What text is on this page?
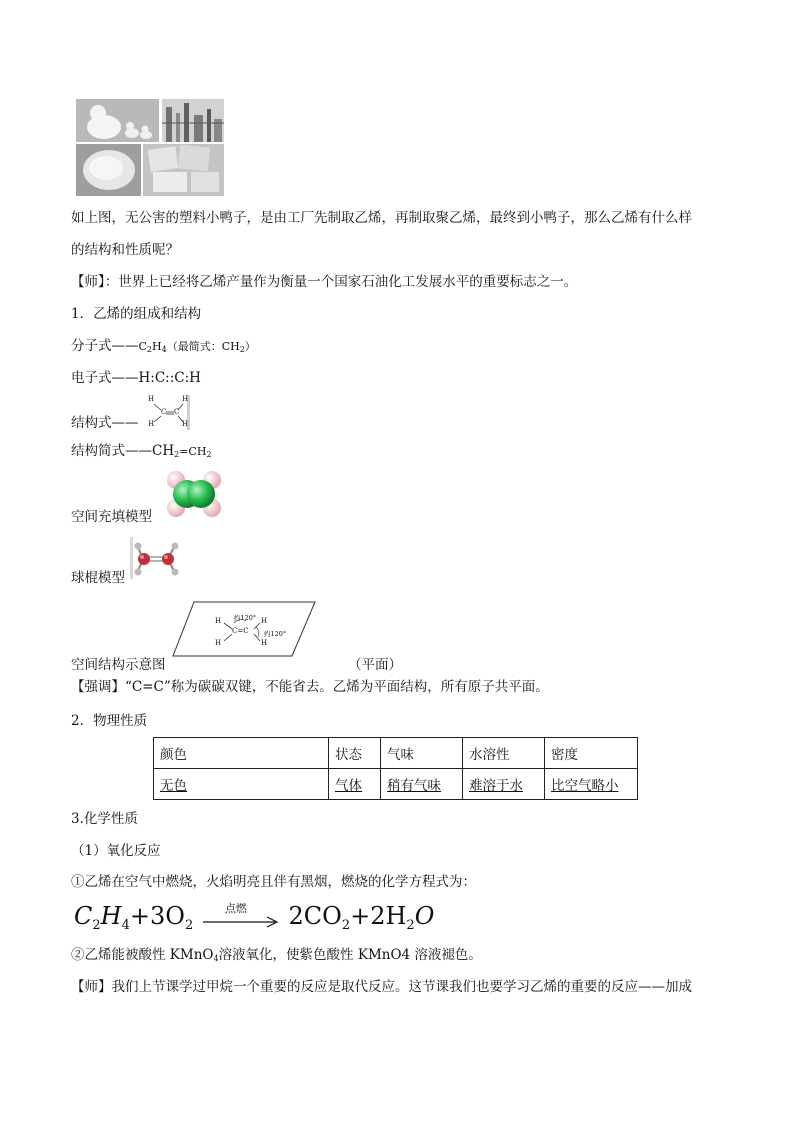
如上图，无公害的塑料小鸭子，是由工厂先制取乙烯，再制取聚乙烯，最终到小鸭子，那么乙烯有什么样
的结构和性质呢？
【师】：世界上已经将乙烯产量作为衡量一个国家石油化工发展水平的重要标志之一。
1．乙烯的组成和结构
分子式$——C_2H_4$（最简式：$CH_2$）
电子式——H:C::C:H
结构式——
H
H
C C
H
H
结构简式$——CH_2=CH_2$
空间充填模型
球棍模型
H
H
H
H
C=C
约120°
约120°
空间结构示意图	（平面）
【强调】“C=C”称为碳碳双键，不能省去。乙烯为平面结构，所有原子共平面。
2．物理性质
颜色	状态	气味	水溶性	密度
无色	气体	稍有气味	难溶于水	比空气略小
3.化学性质
（1）氧化反应
①乙烯在空气中燃烧，火焰明亮且伴有黑烟，燃烧的化学方程式为：
$C_2H_4+3O_2$
点燃 $2CO_2+2H_2O$
②乙烯能被酸性 KMnO$_4$溶液氧化，使紫色酸性 KMnO4 溶液褪色。
【师】我们上节课学过甲烷一个重要的反应是取代反应。这节课我们也要学习乙烯的重要的反应——加成
